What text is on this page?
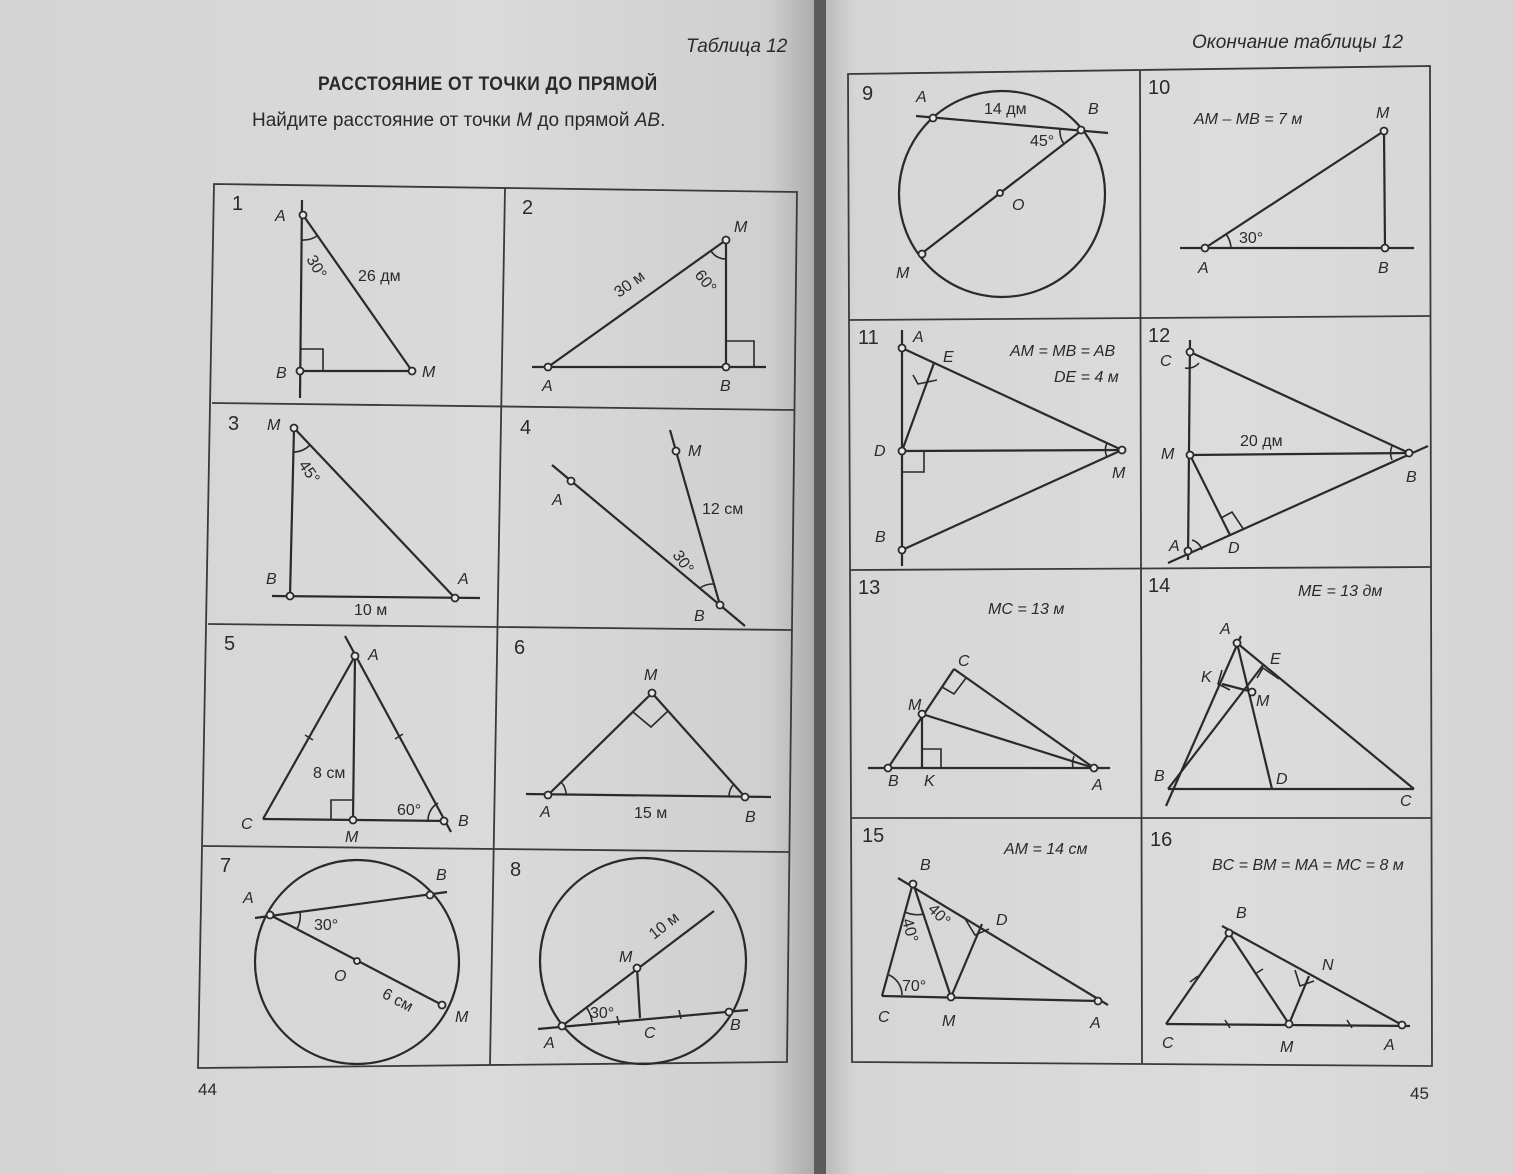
Таблица 12
РАССТОЯНИЕ ОТ ТОЧКИ ДО ПРЯМОЙ
Найдите расстояние от точки M до прямой AB.
Окончание таблицы 12
44	45
1
A
B	M
30° 26 дм
2
A	B
M
30 м	60°
3 M
B	A
45°
10 м
4
A
M
B
12 см
30°
5
A
C
M
B
8 см
60°
6
A
M
B
15 м
7
A
B
M
O
30°
6 см
8
A
M
C	B
30°
10 м
9	A
B
M
O
14 дм
45°
10
AM – MB = 7 м
A	B
M
30°
11 A
E
D
B
M
AM = MB = AB
DE = 4 м
12
C
M
B
A	D
20 дм
13
MC = 13 м
C
M
B K	A
14	ME = 13 дм
A
K
E
M
B	D
C
15
AM = 14 см
B
D
C	M	A
40°
40°
70°
16
BC = BM = MA = MC = 8 м
B
N
C	M	A
